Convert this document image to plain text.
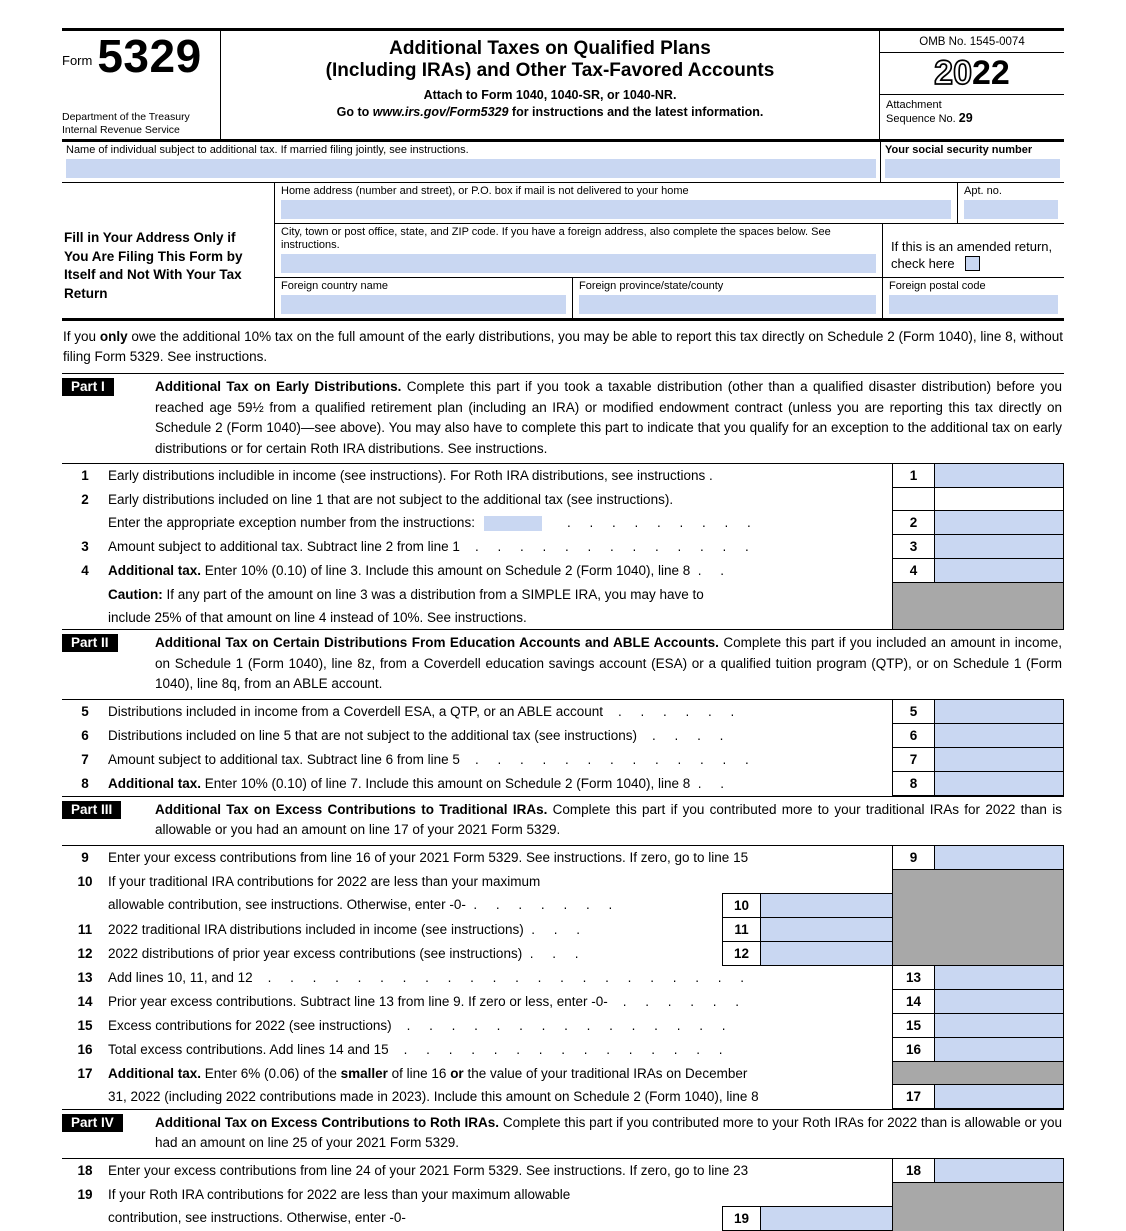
Form 5329
Department of the Treasury
Internal Revenue Service
Additional Taxes on Qualified Plans
(Including IRAs) and Other Tax-Favored Accounts
Attach to Form 1040, 1040-SR, or 1040-NR.
Go to www.irs.gov/Form5329 for instructions and the latest information.
OMB No. 1545-0074
2022
Attachment
Sequence No. 29
Name of individual subject to additional tax. If married filing jointly, see instructions.	Your social security number
Fill in Your Address Only if You Are Filing This Form by Itself and Not With Your Tax Return
Home address (number and street), or P.O. box if mail is not delivered to your home	Apt. no.
City, town or post office, state, and ZIP code. If you have a foreign address, also complete the spaces below. See instructions.	If this is an amended return, check here
Foreign country name	Foreign province/state/county	Foreign postal code
If you only owe the additional 10% tax on the full amount of the early distributions, you may be able to report this tax directly on Schedule 2 (Form 1040), line 8, without filing Form 5329. See instructions.
Part I	Additional Tax on Early Distributions. Complete this part if you took a taxable distribution (other than a qualified disaster distribution) before you reached age 59½ from a qualified retirement plan (including an IRA) or modified endowment contract (unless you are reporting this tax directly on Schedule 2 (Form 1040)—see above). You may also have to complete this part to indicate that you qualify for an exception to the additional tax on early distributions or for certain Roth IRA distributions. See instructions.
1	Early distributions includible in income (see instructions). For Roth IRA distributions, see instructions .	1
2	Early distributions included on line 1 that are not subject to the additional tax (see instructions).
Enter the appropriate exception number from the instructions:	.     .     .     .     .     .     .     .     .	2
3	Amount subject to additional tax. Subtract line 2 from line 1    .     .     .     .     .     .     .     .     .     .     .     .     .	3
4	Additional tax. Enter 10% (0.10) of line 3. Include this amount on Schedule 2 (Form 1040), line 8  .     .	4
Caution: If any part of the amount on line 3 was a distribution from a SIMPLE IRA, you may have to
include 25% of that amount on line 4 instead of 10%. See instructions.
Part II	Additional Tax on Certain Distributions From Education Accounts and ABLE Accounts. Complete this part if you included an amount in income, on Schedule 1 (Form 1040), line 8z, from a Coverdell education savings account (ESA) or a qualified tuition program (QTP), or on Schedule 1 (Form 1040), line 8q, from an ABLE account.
5	Distributions included in income from a Coverdell ESA, a QTP, or an ABLE account    .     .     .     .     .     .	5
6	Distributions included on line 5 that are not subject to the additional tax (see instructions)    .     .     .     .	6
7	Amount subject to additional tax. Subtract line 6 from line 5    .     .     .     .     .     .     .     .     .     .     .     .     .	7
8	Additional tax. Enter 10% (0.10) of line 7. Include this amount on Schedule 2 (Form 1040), line 8  .     .	8
Part III	Additional Tax on Excess Contributions to Traditional IRAs. Complete this part if you contributed more to your traditional IRAs for 2022 than is allowable or you had an amount on line 17 of your 2021 Form 5329.
9	Enter your excess contributions from line 16 of your 2021 Form 5329. See instructions. If zero, go to line 15	9
10	If your traditional IRA contributions for 2022 are less than your maximum
allowable contribution, see instructions. Otherwise, enter -0-  .     .     .     .     .     .     .	10
11	2022 traditional IRA distributions included in income (see instructions)  .     .     .	11
12	2022 distributions of prior year excess contributions (see instructions)  .     .     .	12
13	Add lines 10, 11, and 12    .     .     .     .     .     .     .     .     .     .     .     .     .     .     .     .     .     .     .     .     .     .	13
14	Prior year excess contributions. Subtract line 13 from line 9. If zero or less, enter -0-    .     .     .     .     .     .	14
15	Excess contributions for 2022 (see instructions)    .     .     .     .     .     .     .     .     .     .     .     .     .     .     .	15
16	Total excess contributions. Add lines 14 and 15    .     .     .     .     .     .     .     .     .     .     .     .     .     .     .	16
17	Additional tax. Enter 6% (0.06) of the smaller of line 16 or the value of your traditional IRAs on December
31, 2022 (including 2022 contributions made in 2023). Include this amount on Schedule 2 (Form 1040), line 8	17
Part IV	Additional Tax on Excess Contributions to Roth IRAs. Complete this part if you contributed more to your Roth IRAs for 2022 than is allowable or you had an amount on line 25 of your 2021 Form 5329.
18	Enter your excess contributions from line 24 of your 2021 Form 5329. See instructions. If zero, go to line 23	18
19	If your Roth IRA contributions for 2022 are less than your maximum allowable
contribution, see instructions. Otherwise, enter -0-	19
